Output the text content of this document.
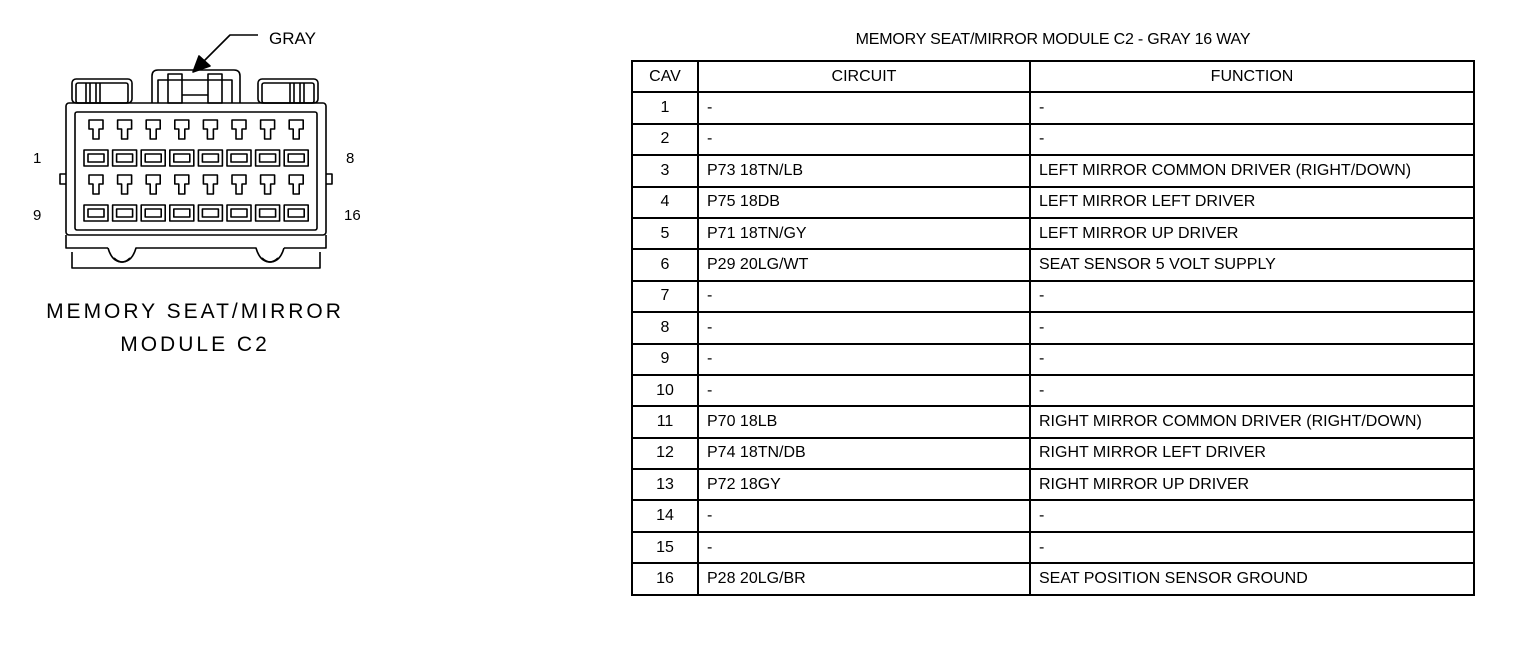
GRAY
1	8
9	16
MEMORY SEAT/MIRROR
MODULE C2
MEMORY SEAT/MIRROR MODULE C2 - GRAY 16 WAY
CAV	CIRCUIT	FUNCTION
1	-	-
2	-	-
3	P73 18TN/LB	LEFT MIRROR COMMON DRIVER (RIGHT/DOWN)
4	P75 18DB	LEFT MIRROR LEFT DRIVER
5	P71 18TN/GY	LEFT MIRROR UP DRIVER
6	P29 20LG/WT	SEAT SENSOR 5 VOLT SUPPLY
7	-	-
8	-	-
9	-	-
10	-	-
11	P70 18LB	RIGHT MIRROR COMMON DRIVER (RIGHT/DOWN)
12	P74 18TN/DB	RIGHT MIRROR LEFT DRIVER
13	P72 18GY	RIGHT MIRROR UP DRIVER
14	-	-
15	-	-
16	P28 20LG/BR	SEAT POSITION SENSOR GROUND
